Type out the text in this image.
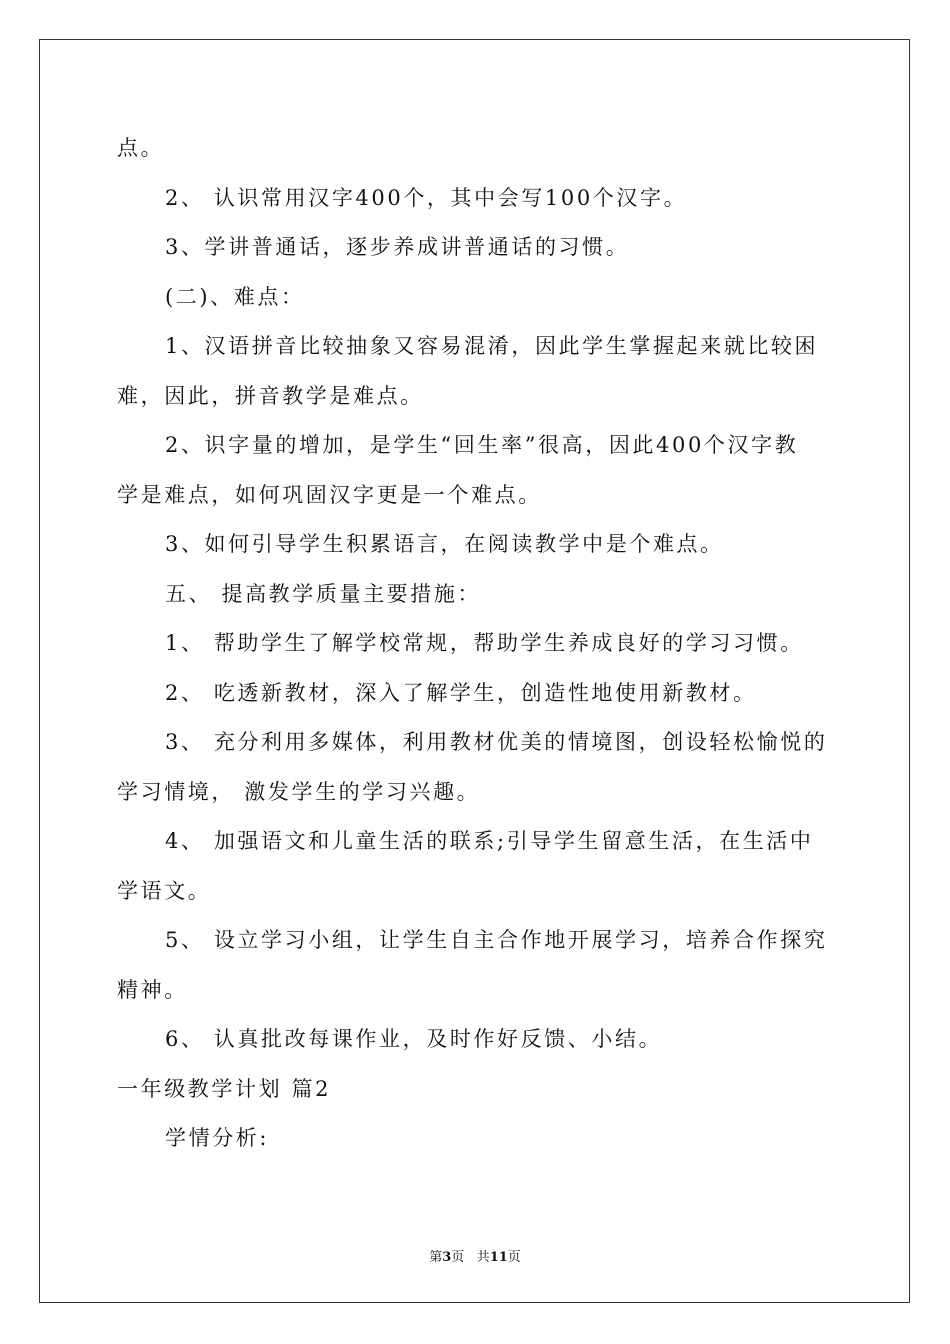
点。
2、 认识常用汉字400个，其中会写100个汉字。
3、学讲普通话，逐步养成讲普通话的习惯。
(二)、难点：
1、汉语拼音比较抽象又容易混淆，因此学生掌握起来就比较困
难，因此，拼音教学是难点。
2、识字量的增加，是学生“回生率”很高，因此400个汉字教
学是难点，如何巩固汉字更是一个难点。
3、如何引导学生积累语言，在阅读教学中是个难点。
五、 提高教学质量主要措施：
1、 帮助学生了解学校常规，帮助学生养成良好的学习习惯。
2、 吃透新教材，深入了解学生，创造性地使用新教材。
3、 充分利用多媒体，利用教材优美的情境图，创设轻松愉悦的
学习情境， 激发学生的学习兴趣。
4、 加强语文和儿童生活的联系;引导学生留意生活，在生活中
学语文。
5、 设立学习小组，让学生自主合作地开展学习，培养合作探究
精神。
6、 认真批改每课作业，及时作好反馈、小结。
一年级教学计划 篇2
学情分析:
第3页 共11页
